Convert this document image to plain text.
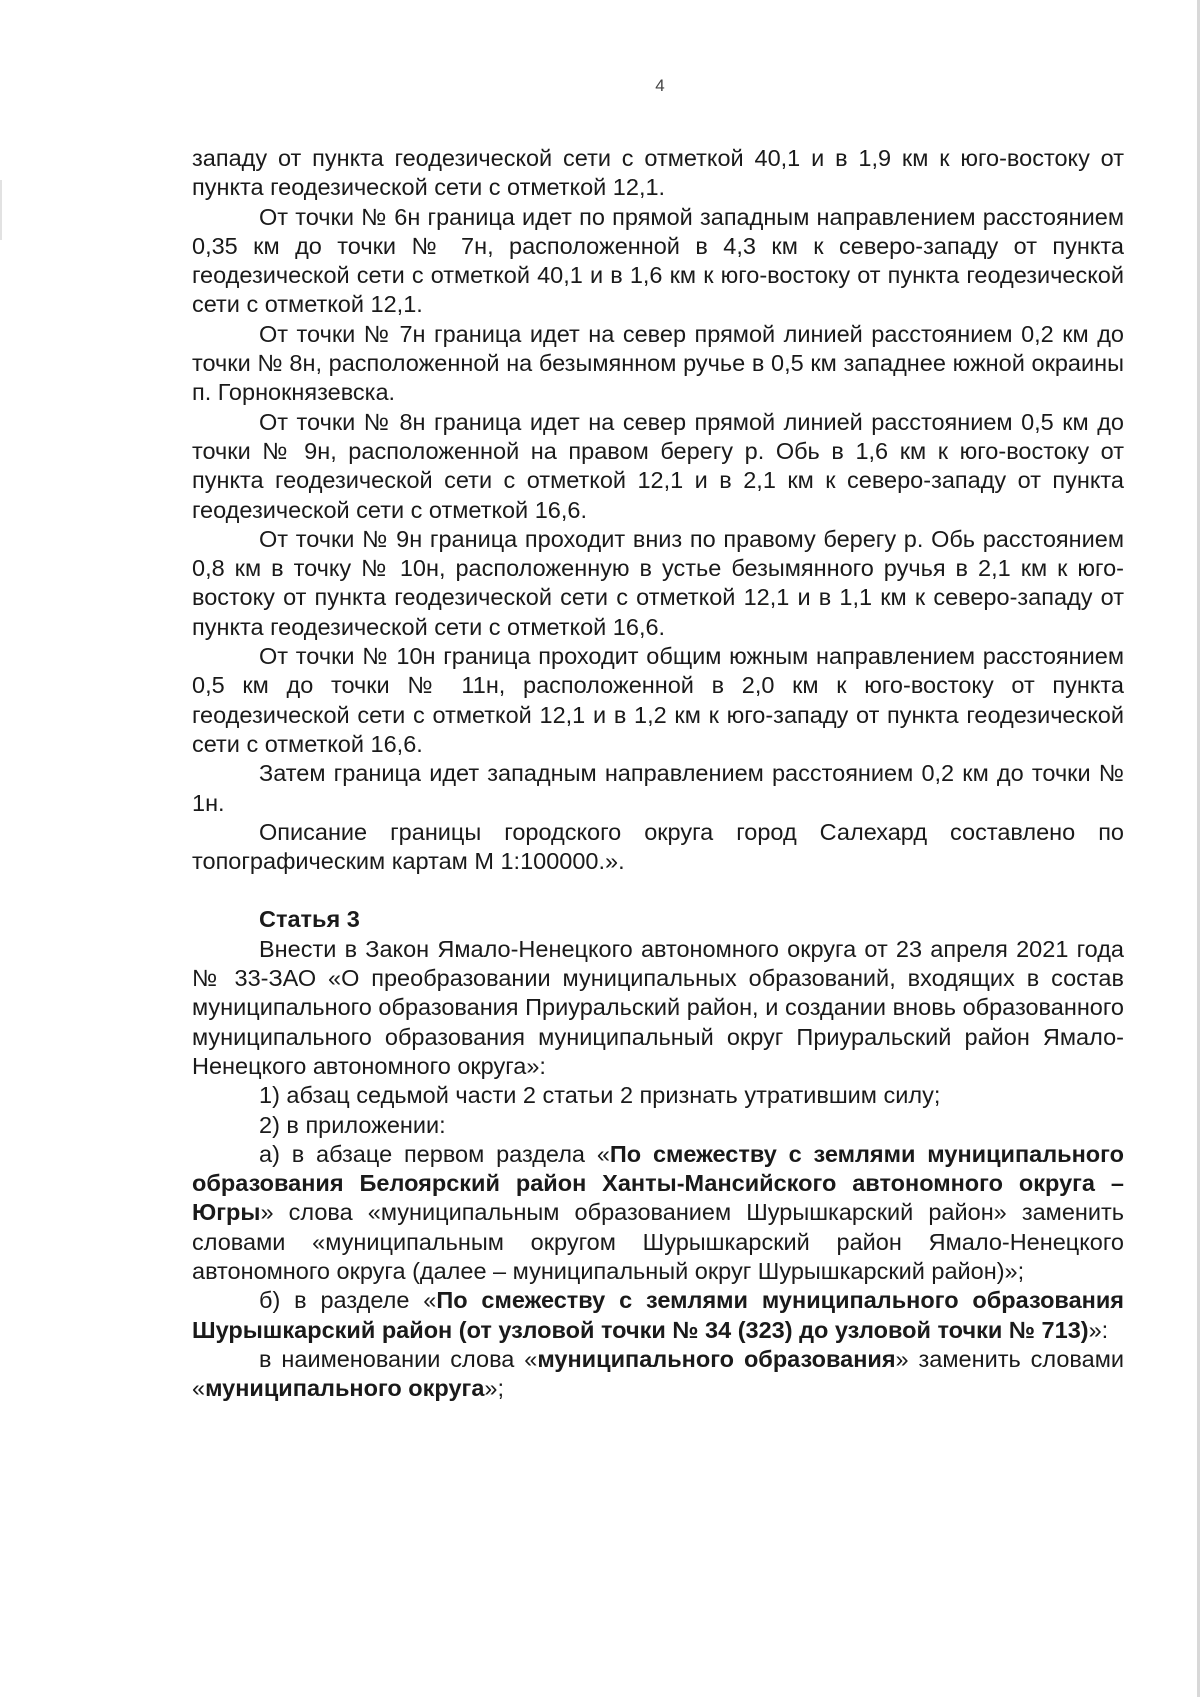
4

западу от пункта геодезической сети с отметкой 40,1 и в 1,9 км к юго-востоку от пункта геодезической сети с отметкой 12,1.

От точки № 6н граница идет по прямой западным направлением расстоянием 0,35 км до точки № 7н, расположенной в 4,3 км к северо-западу от пункта геодезической сети с отметкой 40,1 и в 1,6 км к юго-востоку от пункта геодезической сети с отметкой 12,1.

От точки № 7н граница идет на север прямой линией расстоянием 0,2 км до точки № 8н, расположенной на безымянном ручье в 0,5 км западнее южной окраины п. Горнокнязевска.

От точки № 8н граница идет на север прямой линией расстоянием 0,5 км до точки № 9н, расположенной на правом берегу р. Обь в 1,6 км к юго-востоку от пункта геодезической сети с отметкой 12,1 и в 2,1 км к северо-западу от пункта геодезической сети с отметкой 16,6.

От точки № 9н граница проходит вниз по правому берегу р. Обь расстоянием 0,8 км в точку № 10н, расположенную в устье безымянного ручья в 2,1 км к юго-востоку от пункта геодезической сети с отметкой 12,1 и в 1,1 км к северо-западу от пункта геодезической сети с отметкой 16,6.

От точки № 10н граница проходит общим южным направлением расстоянием 0,5 км до точки № 11н, расположенной в 2,0 км к юго-востоку от пункта геодезической сети с отметкой 12,1 и в 1,2 км к юго-западу от пункта геодезической сети с отметкой 16,6.

Затем граница идет западным направлением расстоянием 0,2 км до точки № 1н.

Описание границы городского округа город Салехард составлено по топографическим картам М 1:100000.».

Статья 3

Внести в Закон Ямало-Ненецкого автономного округа от 23 апреля 2021 года № 33-ЗАО «О преобразовании муниципальных образований, входящих в состав муниципального образования Приуральский район, и создании вновь образованного муниципального образования муниципальный округ Приуральский район Ямало-Ненецкого автономного округа»:

1) абзац седьмой части 2 статьи 2 признать утратившим силу;

2) в приложении:

а) в абзаце первом раздела «По смежеству с землями муниципального образования Белоярский район Ханты-Мансийского автономного округа – Югры» слова «муниципальным образованием Шурышкарский район» заменить словами «муниципальным округом Шурышкарский район Ямало-Ненецкого автономного округа (далее – муниципальный округ Шурышкарский район)»;

б) в разделе «По смежеству с землями муниципального образования Шурышкарский район (от узловой точки № 34 (323) до узловой точки № 713)»:

в наименовании слова «муниципального образования» заменить словами «муниципального округа»;
